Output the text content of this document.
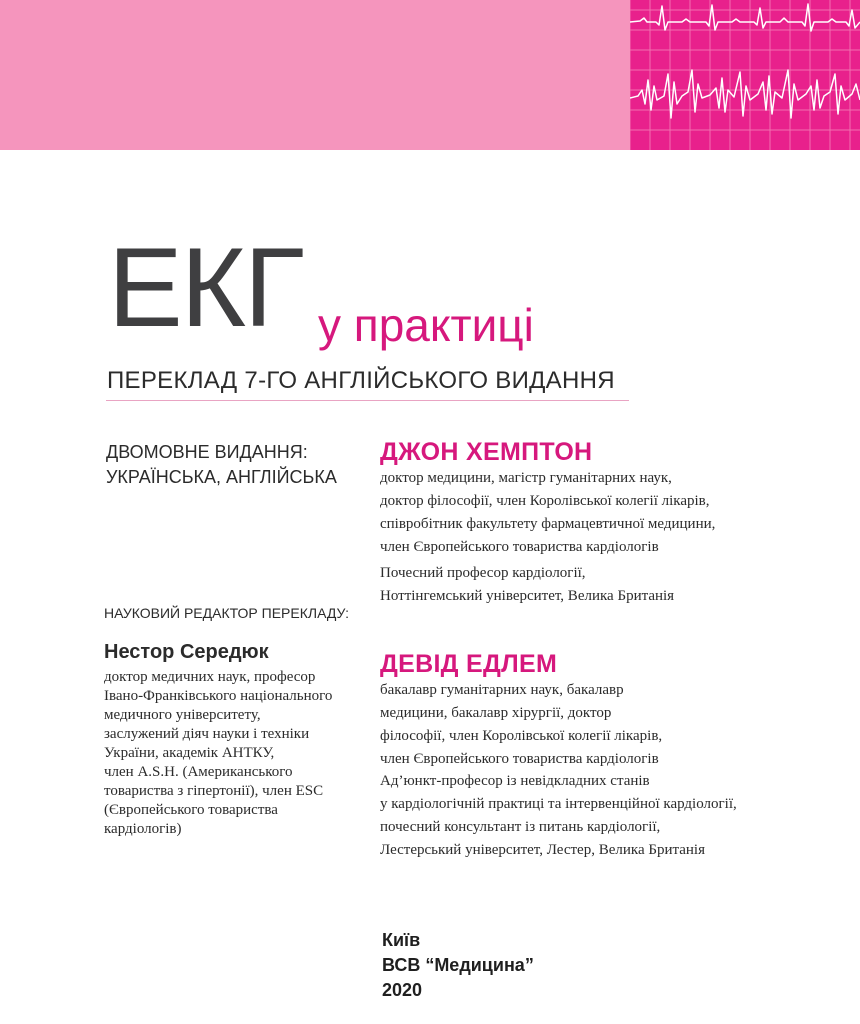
ЕКГ у практиці
ПЕРЕКЛАД 7-ГО АНГЛІЙСЬКОГО ВИДАННЯ
ДВОМОВНЕ ВИДАННЯ:
УКРАЇНСЬКА, АНГЛІЙСЬКА
НАУКОВИЙ РЕДАКТОР ПЕРЕКЛАДУ:
Нестор Середюк
доктор медичних наук, професор
Івано-Франківського національного
медичного університету,
заслужений діяч науки і техніки
України, академік АНТКУ,
член A.S.H. (Американського
товариства з гіпертонії), член ESC
(Європейського товариства
кардіологів)
ДЖОН ХЕМПТОН
доктор медицини, магістр гуманітарних наук,
доктор філософії, член Королівської колегії лікарів,
співробітник факультету фармацевтичної медицини,
член Європейського товариства кардіологів
Почесний професор кардіології,
Ноттінгемський університет, Велика Британія
ДЕВІД ЕДЛЕМ
бакалавр гуманітарних наук, бакалавр
медицини, бакалавр хірургії, доктор
філософії, член Королівської колегії лікарів,
член Європейського товариства кардіологів
Ад’юнкт-професор із невідкладних станів
у кардіологічній практиці та інтервенційної кардіології,
почесний консультант із питань кардіології,
Лестерський університет, Лестер, Велика Британія
Київ
ВСВ “Медицина”
2020
